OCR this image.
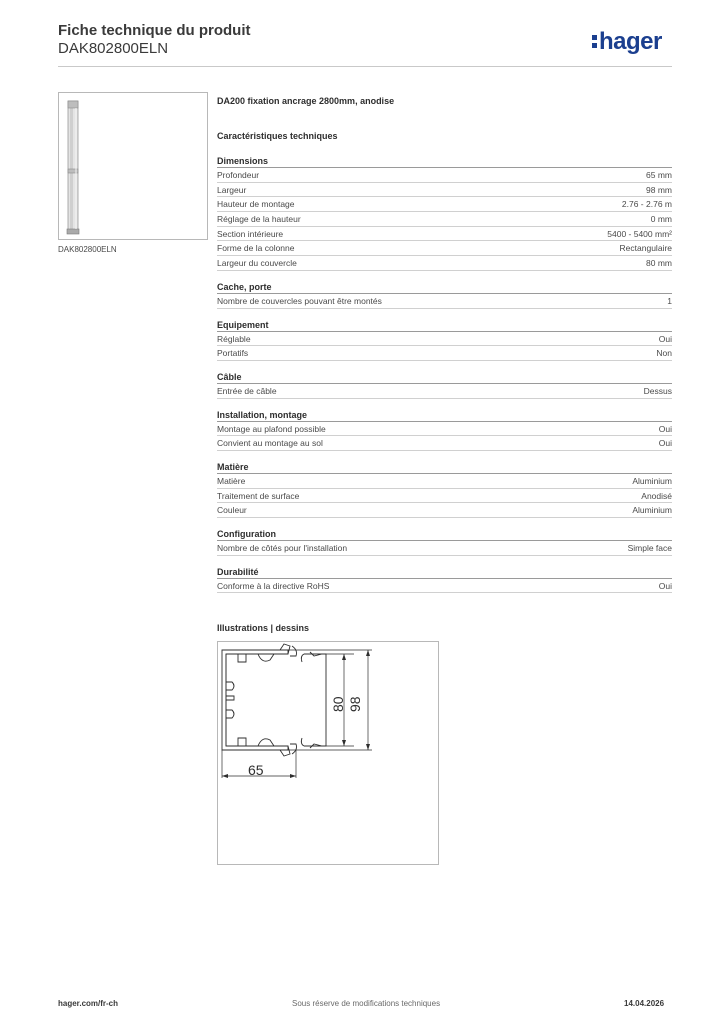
Fiche technique du produit
DAK802800ELN	hager
DAK802800ELN
DA200 fixation ancrage 2800mm, anodise
Caractéristiques techniques
Dimensions
Profondeur	65 mm
Largeur	98 mm
Hauteur de montage	2.76 - 2.76 m
Réglage de la hauteur	0 mm
Section intérieure	5400 - 5400 mm²
Forme de la colonne	Rectangulaire
Largeur du couvercle	80 mm
Cache, porte
Nombre de couvercles pouvant être montés	1
Equipement
Réglable	Oui
Portatifs	Non
Câble
Entrée de câble	Dessus
Installation, montage
Montage au plafond possible	Oui
Convient au montage au sol	Oui
Matière
Matière	Aluminium
Traitement de surface	Anodisé
Couleur	Aluminium
Configuration
Nombre de côtés pour l'installation	Simple face
Durabilité
Conforme à la directive RoHS	Oui
Illustrations | dessins
80 98
65
hager.com/fr-ch	Sous réserve de modifications techniques	14.04.2026
